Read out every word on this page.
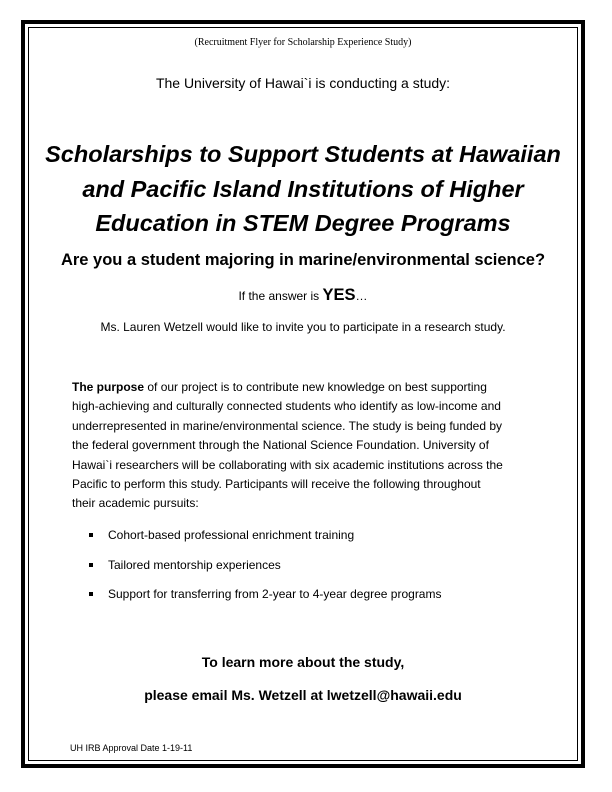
(Recruitment Flyer for Scholarship Experience Study)
The University of Hawai`i is conducting a study:
Scholarships to Support Students at Hawaiian
and Pacific Island Institutions of Higher
Education in STEM Degree Programs
Are you a student majoring in marine/environmental science?
If the answer is YES…
Ms. Lauren Wetzell would like to invite you to participate in a research study.
The purpose of our project is to contribute new knowledge on best supporting
high-achieving and culturally connected students who identify as low-income and
underrepresented in marine/environmental science. The study is being funded by
the federal government through the National Science Foundation. University of
Hawai`i researchers will be collaborating with six academic institutions across the
Pacific to perform this study. Participants will receive the following throughout
their academic pursuits:
Cohort-based professional enrichment training
Tailored mentorship experiences
Support for transferring from 2-year to 4-year degree programs
To learn more about the study,
please email Ms. Wetzell at lwetzell@hawaii.edu
UH IRB Approval Date 1-19-11
